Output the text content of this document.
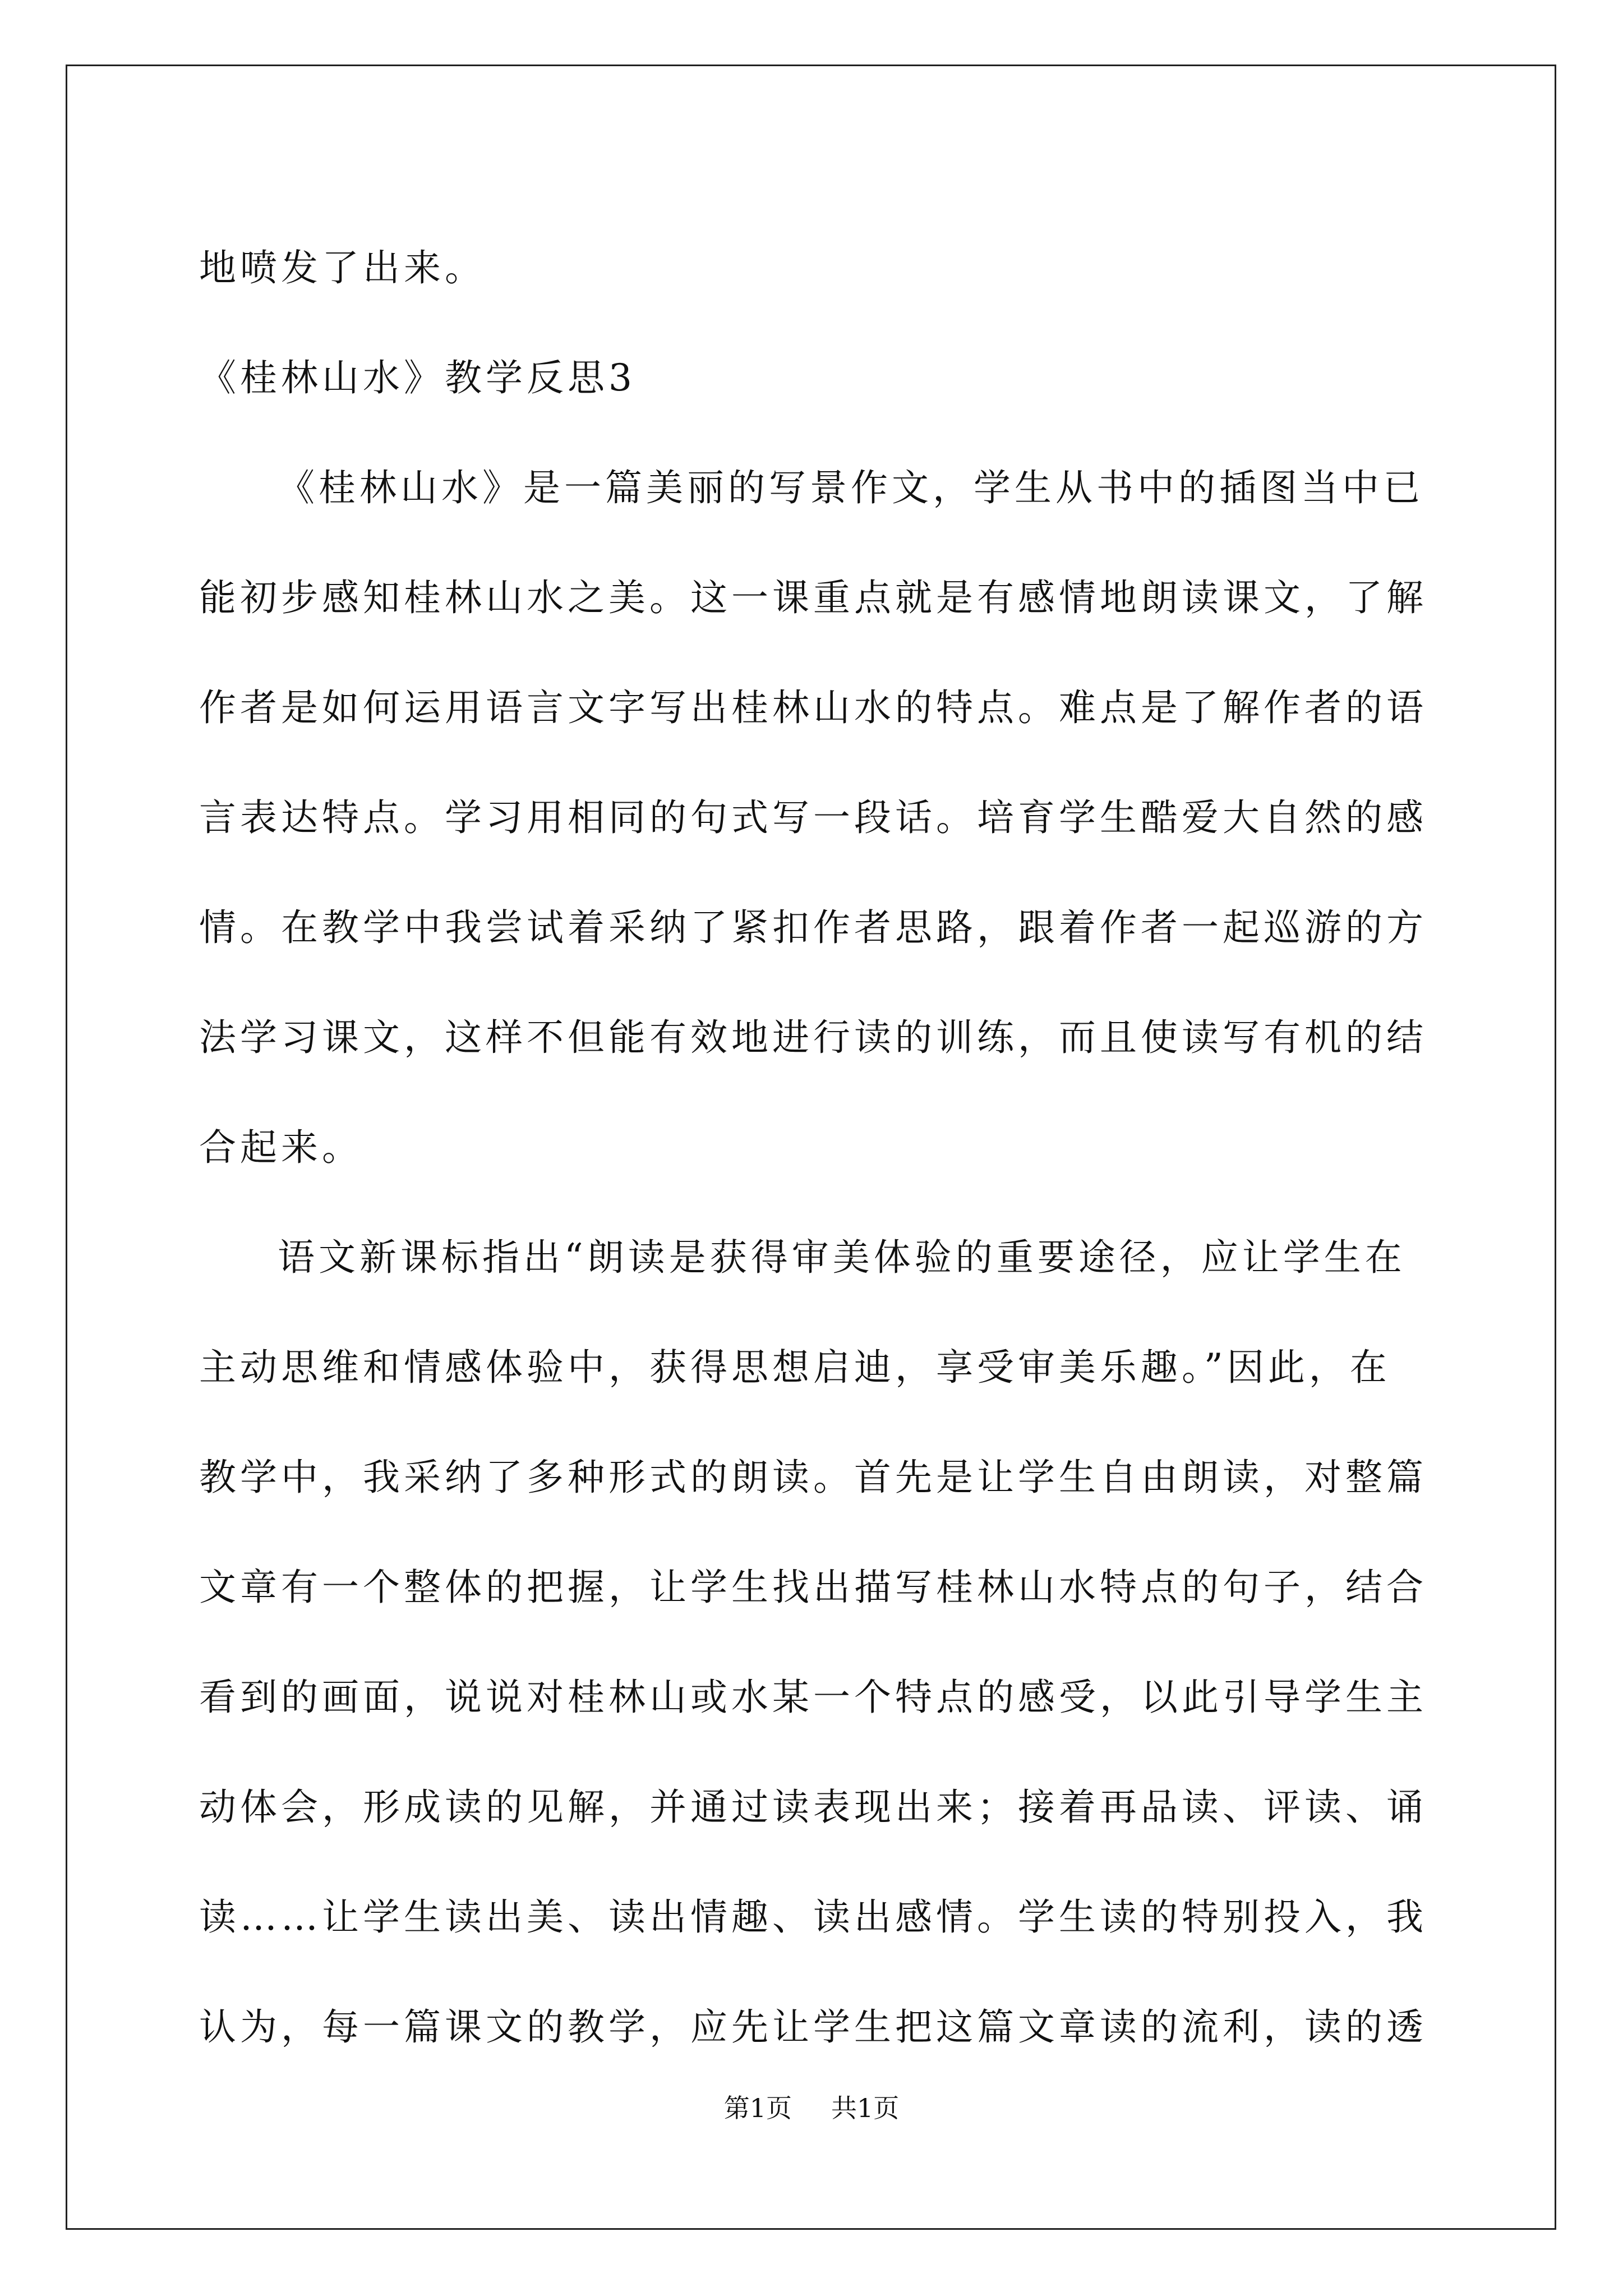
地喷发了出来。
《桂林山水》教学反思3
《桂林山水》是一篇美丽的写景作文，学生从书中的插图当中已
能初步感知桂林山水之美。这一课重点就是有感情地朗读课文，了解
作者是如何运用语言文字写出桂林山水的特点。难点是了解作者的语
言表达特点。学习用相同的句式写一段话。培育学生酷爱大自然的感
情。在教学中我尝试着采纳了紧扣作者思路，跟着作者一起巡游的方
法学习课文，这样不但能有效地进行读的训练，而且使读写有机的结
合起来。
语文新课标指出“朗读是获得审美体验的重要途径，应让学生在
主动思维和情感体验中，获得思想启迪，享受审美乐趣。”因此，在
教学中，我采纳了多种形式的朗读。首先是让学生自由朗读，对整篇
文章有一个整体的把握，让学生找出描写桂林山水特点的句子，结合
看到的画面，说说对桂林山或水某一个特点的感受，以此引导学生主
动体会，形成读的见解，并通过读表现出来；接着再品读、评读、诵
读……让学生读出美、读出情趣、读出感情。学生读的特别投入，我
认为，每一篇课文的教学，应先让学生把这篇文章读的流利，读的透
第1页 共1页
